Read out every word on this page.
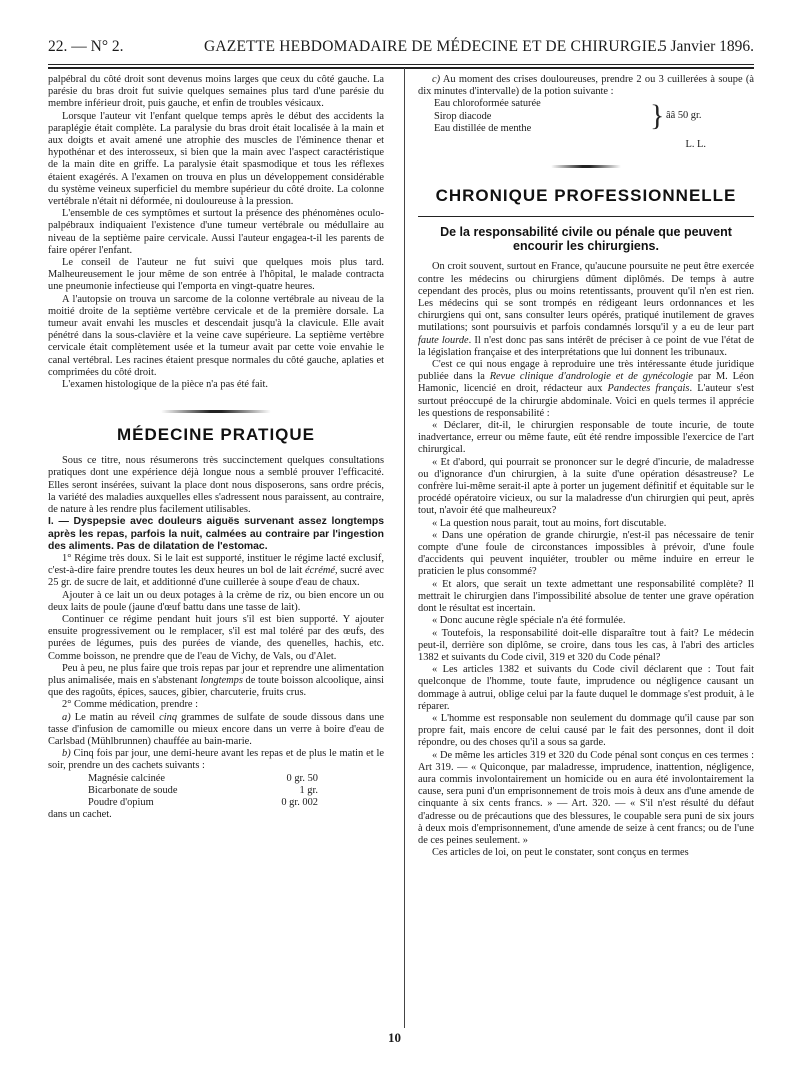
22. — N° 2.	GAZETTE HEBDOMADAIRE DE MÉDECINE ET DE CHIRURGIE.
5 Janvier 1896.

palpébral du côté droit sont devenus moins larges que ceux du côté gauche. La parésie du bras droit fut suivie quelques semaines plus tard d'une parésie du membre inférieur droit, puis gauche, et enfin de troubles vésicaux.

Lorsque l'auteur vit l'enfant quelque temps après le début des accidents la paraplégie était complète. La paralysie du bras droit était localisée à la main et aux doigts et avait amené une atrophie des muscles de l'éminence thenar et hypothénar et des interosseux, si bien que la main avec l'aspect caractéristique de la main dite en griffe. La paralysie était spasmodique et tous les réflexes étaient exagérés. A l'examen on trouva en plus un développement considérable du système veineux superficiel du membre supérieur du côté droite. La colonne vertébrale n'était ni déformée, ni douloureuse à la pression.

L'ensemble de ces symptômes et surtout la présence des phénomènes oculo-palpébraux indiquaient l'existence d'une tumeur vertébrale ou médullaire au niveau de la septième paire cervicale. Aussi l'auteur engagea-t-il les parents de faire opérer l'enfant.

Le conseil de l'auteur ne fut suivi que quelques mois plus tard. Malheureusement le jour même de son entrée à l'hôpital, le malade contracta une pneumonie infectieuse qui l'emporta en vingt-quatre heures.

A l'autopsie on trouva un sarcome de la colonne vertébrale au niveau de la moitié droite de la septième vertèbre cervicale et de la première dorsale. La tumeur avait envahi les muscles et descendait jusqu'à la clavicule. Elle avait pénétré dans la sous-clavière et la veine cave supérieure. La septième vertèbre cervicale était complètement usée et la tumeur avait par cette voie envahie le canal vertébral. Les racines étaient presque normales du côté gauche, aplaties et comprimées du côté droit.

L'examen histologique de la pièce n'a pas été fait.

MÉDECINE PRATIQUE

Sous ce titre, nous résumerons très succinctement quelques consultations pratiques dont une expérience déjà longue nous a semblé prouver l'efficacité. Elles seront insérées, suivant la place dont nous disposerons, sans ordre précis, la variété des maladies auxquelles elles s'adressent nous paraissent, au contraire, de nature à les rendre plus facilement utilisables.

I. — Dyspepsie avec douleurs aiguës survenant assez longtemps après les repas, parfois la nuit, calmées au contraire par l'ingestion des aliments. Pas de dilatation de l'estomac.

1° Régime très doux. Si le lait est supporté, instituer le régime lacté exclusif, c'est-à-dire faire prendre toutes les deux heures un bol de lait écrémé, sucré avec 25 gr. de sucre de lait, et additionné d'une cuillerée à soupe d'eau de chaux.

Ajouter à ce lait un ou deux potages à la crème de riz, ou bien encore un ou deux laits de poule (jaune d'œuf battu dans une tasse de lait).

Continuer ce régime pendant huit jours s'il est bien supporté. Y ajouter ensuite progressivement ou le remplacer, s'il est mal toléré par des œufs, des purées de légumes, puis des purées de viande, des quenelles, hachis, etc. Comme boisson, ne prendre que de l'eau de Vichy, de Vals, ou d'Alet.

Peu à peu, ne plus faire que trois repas par jour et reprendre une alimentation plus animalisée, mais en s'abstenant longtemps de toute boisson alcoolique, ainsi que des ragoûts, épices, sauces, gibier, charcuterie, fruits crus.

2° Comme médication, prendre :

a) Le matin au réveil cinq grammes de sulfate de soude dissous dans une tasse d'infusion de camomille ou mieux encore dans un verre à boire d'eau de Carlsbad (Mühlbrunnen) chauffée au bain-marie.

b) Cinq fois par jour, une demi-heure avant les repas et de plus le matin et le soir, prendre un des cachets suivants :

Magnésie calcinée	0 gr. 50
Bicarbonate de soude	1 gr.
Poudre d'opium	0 gr. 002

dans un cachet.

c) Au moment des crises douloureuses, prendre 2 ou 3 cuillerées à soupe (à dix minutes d'intervalle) de la potion suivante :

Eau chloroformée saturée
Sirop diacode
Eau distillée de menthe	} ââ 50 gr.
L. L.
CHRONIQUE PROFESSIONNELLE
De la responsabilité civile ou pénale que peuvent encourir les chirurgiens.

On croit souvent, surtout en France, qu'aucune poursuite ne peut être exercée contre les médecins ou chirurgiens dûment diplômés. De temps à autre cependant des procès, plus ou moins retentissants, prouvent qu'il n'en est rien. Les médecins qui se sont trompés en rédigeant leurs ordonnances et les chirurgiens qui ont, sans consulter leurs opérés, pratiqué inutilement de graves mutilations; sont poursuivis et parfois condamnés lorsqu'il y a eu de leur part faute lourde. Il n'est donc pas sans intérêt de préciser à ce point de vue l'état de la législation française et des interprétations que lui donnent les tribunaux.

C'est ce qui nous engage à reproduire une très intéressante étude juridique publiée dans la Revue clinique d'andrologie et de gynécologie par M. Léon Hamonic, licencié en droit, rédacteur aux Pandectes français. L'auteur s'est surtout préoccupé de la chirurgie abdominale. Voici en quels termes il apprécie les questions de responsabilité :

« Déclarer, dit-il, le chirurgien responsable de toute incurie, de toute inadvertance, erreur ou même faute, eût été rendre impossible l'exercice de l'art chirurgical.

« Et d'abord, qui pourrait se prononcer sur le degré d'incurie, de maladresse ou d'ignorance d'un chirurgien, à la suite d'une opération désastreuse? Le confrère lui-même serait-il apte à porter un jugement définitif et équitable sur le procédé opératoire vicieux, ou sur la maladresse d'un chirurgien qui peut, après tout, n'avoir été que malheureux?

« La question nous parait, tout au moins, fort discutable.

« Dans une opération de grande chirurgie, n'est-il pas nécessaire de tenir compte d'une foule de circonstances impossibles à prévoir, d'une foule d'accidents qui peuvent inquiéter, troubler ou même induire en erreur le praticien le plus consommé?

« Et alors, que serait un texte admettant une responsabilité complète? Il mettrait le chirurgien dans l'impossibilité absolue de tenter une grave opération dont le résultat est incertain.

« Donc aucune règle spéciale n'a été formulée.

« Toutefois, la responsabilité doit-elle disparaître tout à fait? Le médecin peut-il, derrière son diplôme, se croire, dans tous les cas, à l'abri des articles 1382 et suivants du Code civil, 319 et 320 du Code pénal?

« Les articles 1382 et suivants du Code civil déclarent que : Tout fait quelconque de l'homme, toute faute, imprudence ou négligence causant un dommage à autrui, oblige celui par la faute duquel le dommage s'est produit, à le réparer.

« L'homme est responsable non seulement du dommage qu'il cause par son propre fait, mais encore de celui causé par le fait des personnes, dont il doit répondre, ou des choses qu'il a sous sa garde.

« De même les articles 319 et 320 du Code pénal sont conçus en ces termes : Art 319. — « Quiconque, par maladresse, imprudence, inattention, négligence, aura commis involontairement un homicide ou en aura été involontairement la cause, sera puni d'un emprisonnement de trois mois à deux ans d'une amende de cinquante à six cents francs. » — Art. 320. — « S'il n'est résulté du défaut d'adresse ou de précautions que des blessures, le coupable sera puni de six jours à deux mois d'emprisonnement, d'une amende de seize à cent francs; ou de l'une de ces peines seulement. »

Ces articles de loi, on peut le constater, sont conçus en termes

10
